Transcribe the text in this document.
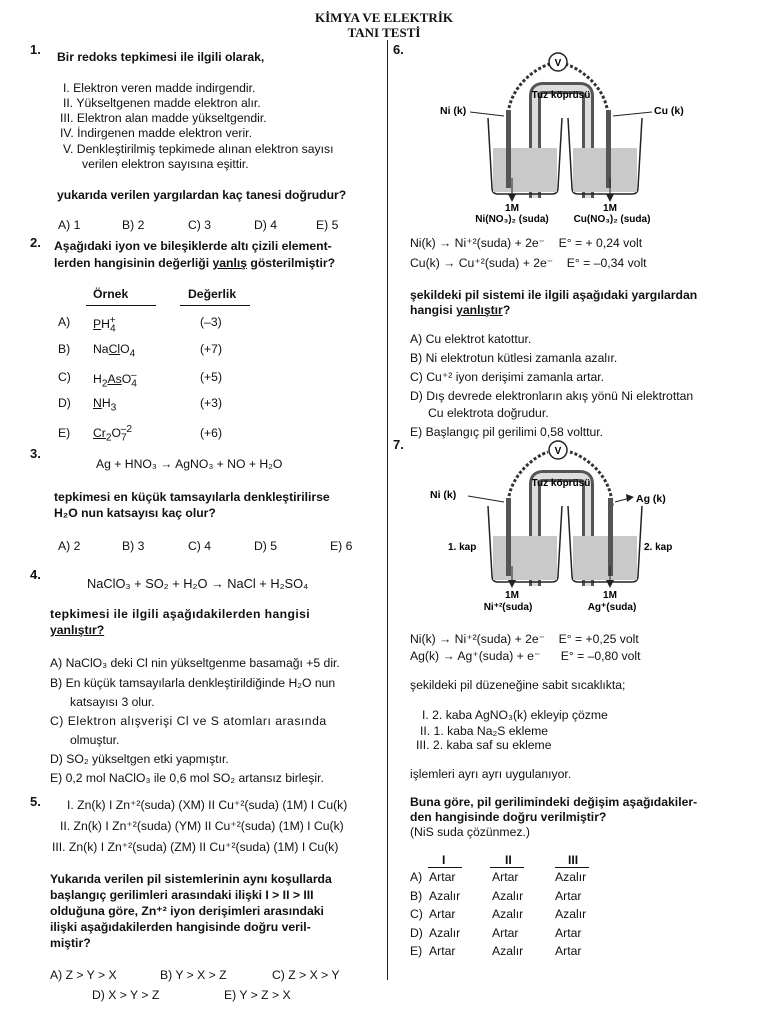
KİMYA VE ELEKTRİK
TANI TESTİ
1. Bir redoks tepkimesi ile ilgili olarak,
I. Elektron veren madde indirgendir.
II. Yükseltgenen madde elektron alır.
III. Elektron alan madde yükseltgendir.
IV. İndirgenen madde elektron verir.
V. Denkleştirilmiş tepkimede alınan elektron sayısı
verilen elektron sayısına eşittir.
yukarıda verilen yargılardan kaç tanesi doğrudur?
A) 1	B) 2	C) 3	D) 4	E) 5
2. Aşağıdaki iyon ve bileşiklerde altı çizili element-
lerden hangisinin değerliği yanlış gösterilmiştir?
Örnek	Değerlik
A) $PH_4^+$	(–3)
B) NaClO$_4$	(+7)
C) $H_2AsO_4^-$	(+5)
D) $NH_3$	(+3)
E) $Cr_2O_7^{-2}$	(+6)
3.
Ag + HNO₃ → AgNO₃ + NO + H₂O
tepkimesi en küçük tamsayılarla denkleştirilirse
H₂O nun katsayısı kaç olur?
A) 2	B) 3	C) 4	D) 5	E) 6
4.
NaClO₃ + SO₂ + H₂O → NaCl + H₂SO₄
tepkimesi ile ilgili aşağıdakilerden hangisi
yanlıştır?
A) NaClO₃ deki Cl nin yükseltgenme basamağı +5 dir.
B) En küçük tamsayılarla denkleştirildiğinde H₂O nun
katsayısı 3 olur.
C) Elektron alışverişi Cl ve S atomları arasında
olmuştur.
D) SO₂ yükseltgen etki yapmıştır.
E) 0,2 mol NaClO₃ ile 0,6 mol SO₂ artansız birleşir.
5. I. Zn(k) I Zn⁺²(suda) (XM) II Cu⁺²(suda) (1M) I Cu(k)
II. Zn(k) I Zn⁺²(suda) (YM) II Cu⁺²(suda) (1M) I Cu(k)
III. Zn(k) I Zn⁺²(suda) (ZM) II Cu⁺²(suda) (1M) I Cu(k)
Yukarıda verilen pil sistemlerinin aynı koşullarda
başlangıç gerilimleri arasındaki ilişki I > II > III
olduğuna göre, Zn⁺² iyon derişimleri arasındaki
ilişki aşağıdakilerden hangisinde doğru veril-
miştir?
A) Z > Y > X	B) Y > X > Z	C) Z > X > Y
D) X > Y > Z	E) Y > Z > X
6.
V
Tuz köprüsü
Ni (k)	Cu (k)
1M	1M
Ni(NO₃)₂ (suda) Cu(NO₃)₂ (suda)
Ni(k) → Ni⁺²(suda) + 2e⁻    E° = + 0,24 volt
Cu(k) → Cu⁺²(suda) + 2e⁻    E° = –0,34 volt
şekildeki pil sistemi ile ilgili aşağıdaki yargılardan
hangisi yanlıştır?
A) Cu elektrot katottur.
B) Ni elektrotun kütlesi zamanla azalır.
C) Cu⁺² iyon derişimi zamanla artar.
D) Dış devrede elektronların akış yönü Ni elektrottan
Cu elektrota doğrudur.
E) Başlangıç pil gerilimi 0,58 volttur.
7.	V
Tuz köprüsü
Ni (k)	Ag (k)
1. kap	2. kap
1M	1M
Ni⁺²(suda)	Ag⁺(suda)
Ni(k) → Ni⁺²(suda) + 2e⁻    E° = +0,25 volt
Ag(k) → Ag⁺(suda) + e⁻      E° = –0,80 volt
şekildeki pil düzeneğine sabit sıcaklıkta;
I. 2. kaba AgNO₃(k) ekleyip çözme
II. 1. kaba Na₂S ekleme
III. 2. kaba saf su ekleme
işlemleri ayrı ayrı uygulanıyor.
Buna göre, pil gerilimindeki değişim aşağıdakiler-
den hangisinde doğru verilmiştir?
(NiS suda çözünmez.)
I	II	III
A) Artar	Artar	Azalır
B) Azalır	Azalır	Artar
C) Artar	Azalır	Azalır
D) Azalır	Artar	Artar
E) Artar	Azalır	Artar
